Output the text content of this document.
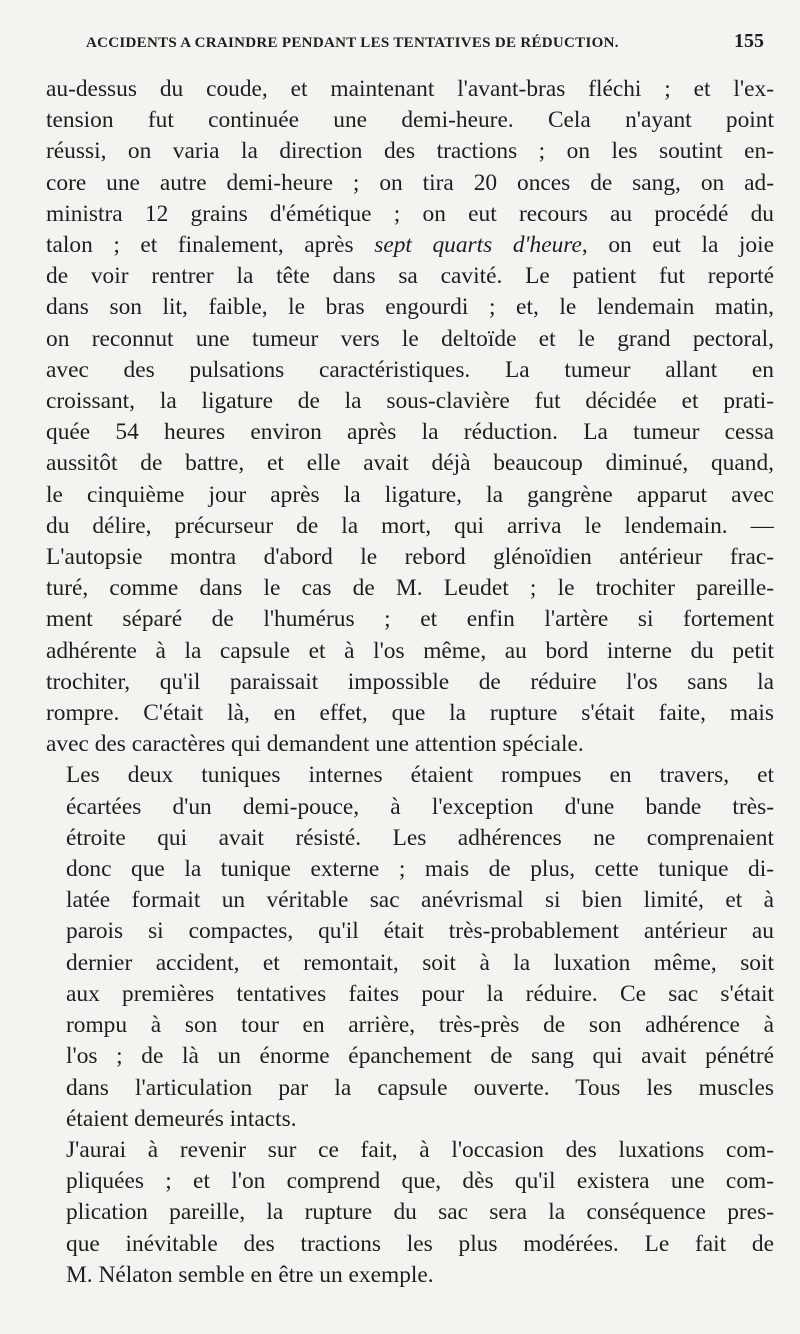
ACCIDENTS A CRAINDRE PENDANT LES TENTATIVES DE RÉDUCTION.	155

au-dessus du coude, et maintenant l'avant-bras fléchi ; et l'ex-
tension fut continuée une demi-heure. Cela n'ayant point
réussi, on varia la direction des tractions ; on les soutint en-
core une autre demi-heure ; on tira 20 onces de sang, on ad-
ministra 12 grains d'émétique ; on eut recours au procédé du
talon ; et finalement, après sept quarts d'heure, on eut la joie
de voir rentrer la tête dans sa cavité. Le patient fut reporté
dans son lit, faible, le bras engourdi ; et, le lendemain matin,
on reconnut une tumeur vers le deltoïde et le grand pectoral,
avec des pulsations caractéristiques. La tumeur allant en
croissant, la ligature de la sous-clavière fut décidée et prati-
quée 54 heures environ après la réduction. La tumeur cessa
aussitôt de battre, et elle avait déjà beaucoup diminué, quand,
le cinquième jour après la ligature, la gangrène apparut avec
du délire, précurseur de la mort, qui arriva le lendemain. —
L'autopsie montra d'abord le rebord glénoïdien antérieur frac-
turé, comme dans le cas de M. Leudet ; le trochiter pareille-
ment séparé de l'humérus ; et enfin l'artère si fortement
adhérente à la capsule et à l'os même, au bord interne du petit
trochiter, qu'il paraissait impossible de réduire l'os sans la
rompre. C'était là, en effet, que la rupture s'était faite, mais
avec des caractères qui demandent une attention spéciale.

Les deux tuniques internes étaient rompues en travers, et
écartées d'un demi-pouce, à l'exception d'une bande très-
étroite qui avait résisté. Les adhérences ne comprenaient
donc que la tunique externe ; mais de plus, cette tunique di-
latée formait un véritable sac anévrismal si bien limité, et à
parois si compactes, qu'il était très-probablement antérieur au
dernier accident, et remontait, soit à la luxation même, soit
aux premières tentatives faites pour la réduire. Ce sac s'était
rompu à son tour en arrière, très-près de son adhérence à
l'os ; de là un énorme épanchement de sang qui avait pénétré
dans l'articulation par la capsule ouverte. Tous les muscles
étaient demeurés intacts.

J'aurai à revenir sur ce fait, à l'occasion des luxations com-
pliquées ; et l'on comprend que, dès qu'il existera une com-
plication pareille, la rupture du sac sera la conséquence pres-
que inévitable des tractions les plus modérées. Le fait de
M. Nélaton semble en être un exemple.
